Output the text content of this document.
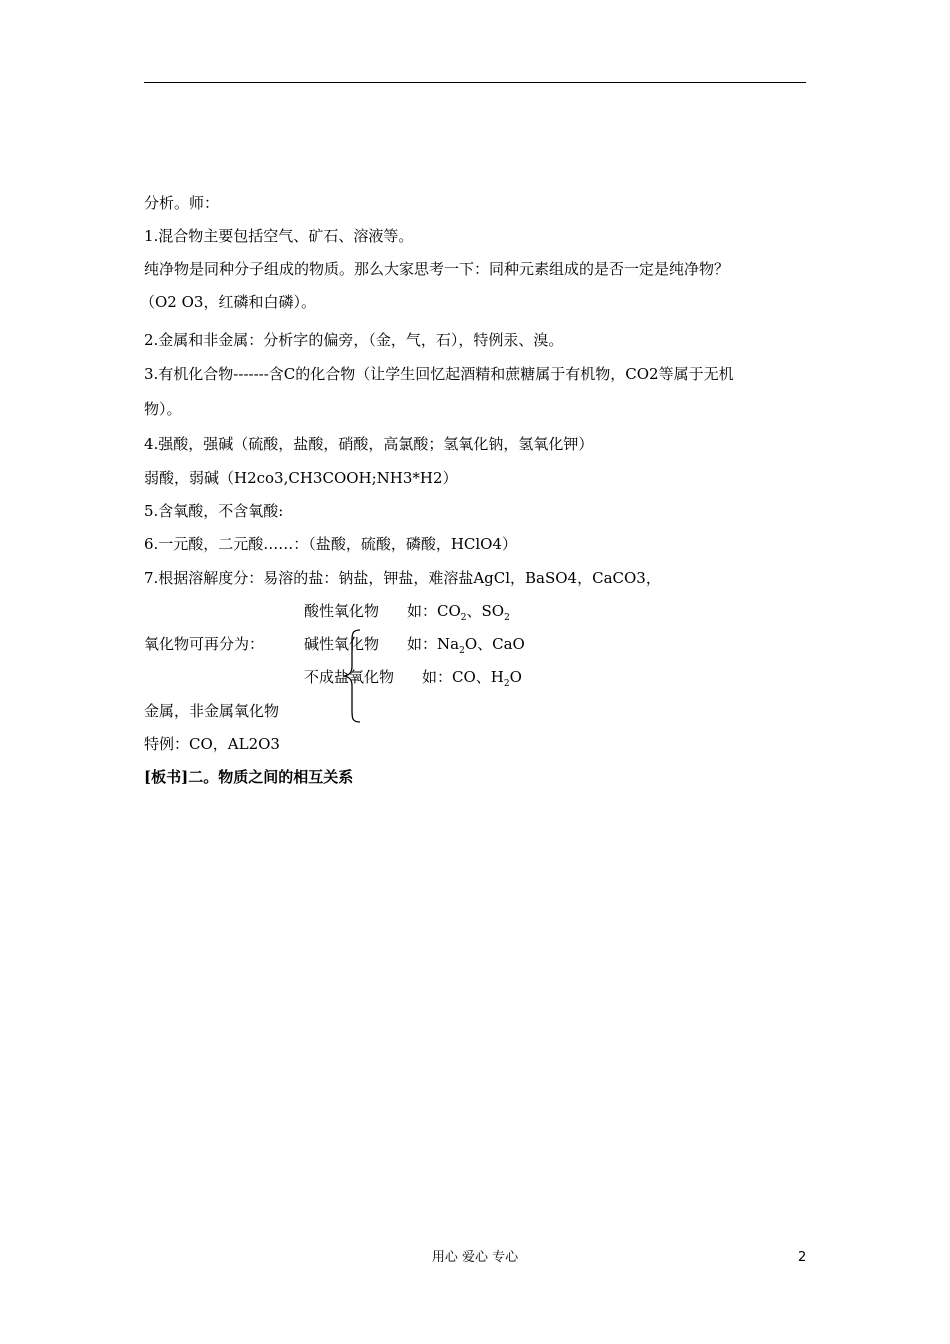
分析。师：
1.混合物主要包括空气、矿石、溶液等。
纯净物是同种分子组成的物质。那么大家思考一下：同种元素组成的是否一定是纯净物？
（O2 O3，红磷和白磷）。
2.金属和非金属：分析字的偏旁，（金，气，石），特例汞、溴。
3.有机化合物-------含C的化合物（让学生回忆起酒精和蔗糖属于有机物，CO2等属于无机
物）。
4.强酸，强碱（硫酸，盐酸，硝酸，高氯酸；氢氧化钠，氢氧化钾）
弱酸，弱碱（H2co3,CH3COOH;NH3*H2）
5.含氧酸，不含氧酸:
6.一元酸，二元酸……：（盐酸，硫酸，磷酸，HClO4）
7.根据溶解度分：易溶的盐：钠盐，钾盐，难溶盐AgCl，BaSO4，CaCO3，
酸性氧化物 如：$CO_2$、$SO_2$
氧化物可再分为：	碱性氧化物 如：$Na_2O$、CaO
不成盐氧化物 如：CO、$H_2O$
金属，非金属氧化物
特例：CO，AL2O3
[板书]二。物质之间的相互关系
用心 爱心 专心	2
